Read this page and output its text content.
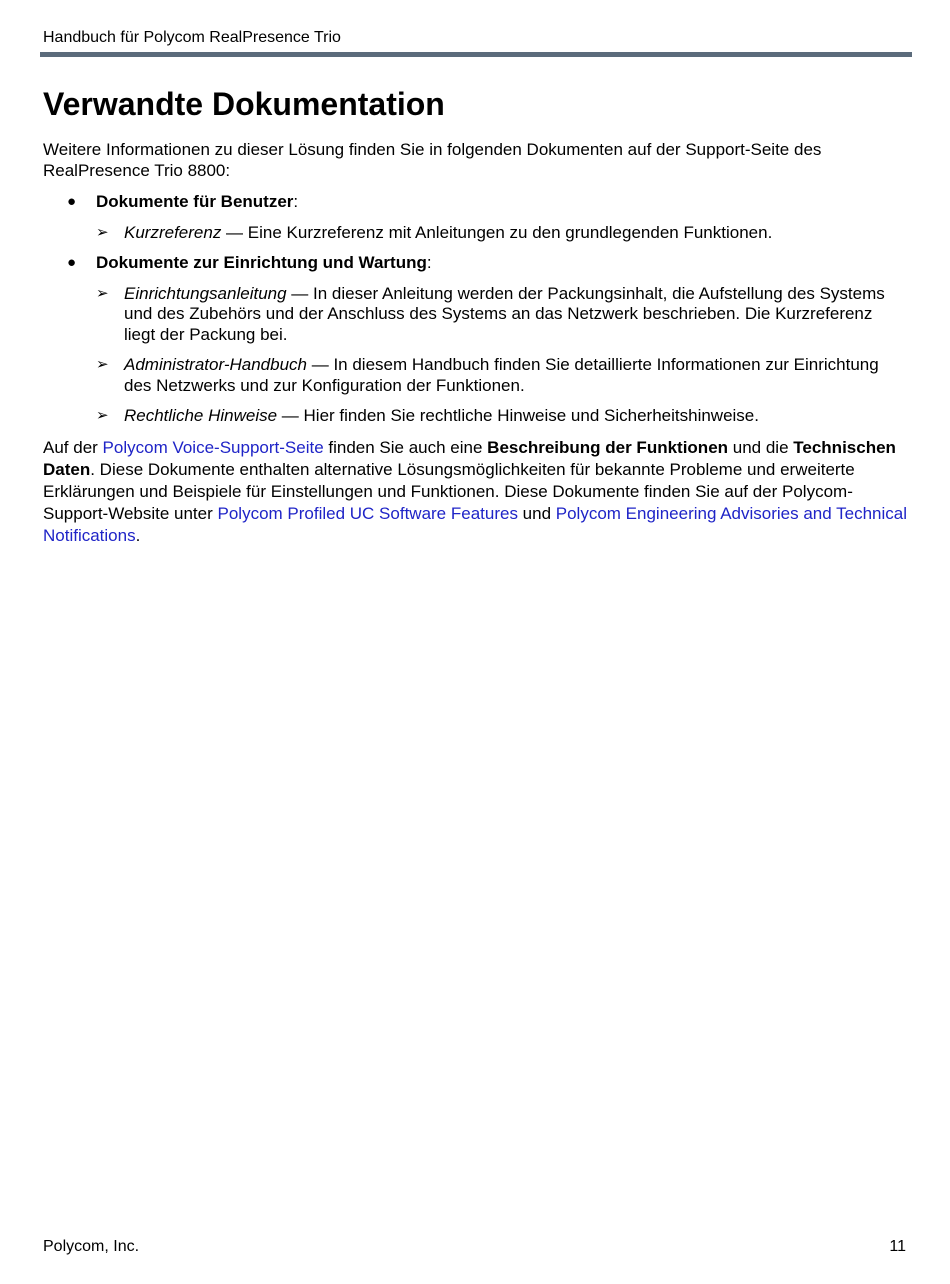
Handbuch für Polycom RealPresence Trio
Verwandte Dokumentation

Weitere Informationen zu dieser Lösung finden Sie in folgenden Dokumenten auf der Support-Seite des RealPresence Trio 8800:

● Dokumente für Benutzer:
➢ Kurzreferenz — Eine Kurzreferenz mit Anleitungen zu den grundlegenden Funktionen.
● Dokumente zur Einrichtung und Wartung:
➢ Einrichtungsanleitung — In dieser Anleitung werden der Packungsinhalt, die Aufstellung des Systems und des Zubehörs und der Anschluss des Systems an das Netzwerk beschrieben. Die Kurzreferenz liegt der Packung bei.
➢ Administrator-Handbuch — In diesem Handbuch finden Sie detaillierte Informationen zur Einrichtung des Netzwerks und zur Konfiguration der Funktionen.
➢ Rechtliche Hinweise — Hier finden Sie rechtliche Hinweise und Sicherheitshinweise.

Auf der Polycom Voice-Support-Seite finden Sie auch eine Beschreibung der Funktionen und die Technischen Daten. Diese Dokumente enthalten alternative Lösungsmöglichkeiten für bekannte Probleme und erweiterte Erklärungen und Beispiele für Einstellungen und Funktionen. Diese Dokumente finden Sie auf der Polycom-Support-Website unter Polycom Profiled UC Software Features und Polycom Engineering Advisories and Technical Notifications.

Polycom, Inc.	11
